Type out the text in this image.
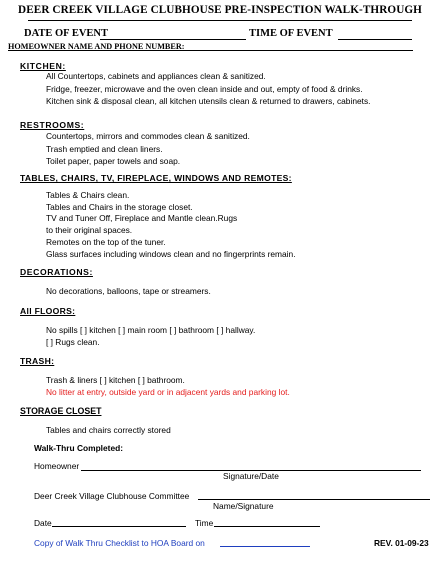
DEER CREEK VILLAGE CLUBHOUSE PRE-INSPECTION WALK-THROUGH
DATE OF EVENT	TIME OF EVENT
HOMEOWNER NAME AND PHONE NUMBER:
KITCHEN:
All Countertops, cabinets and appliances clean & sanitized.
Fridge, freezer, microwave and the oven clean inside and out, empty of food & drinks.
Kitchen sink & disposal clean, all kitchen utensils clean & returned to drawers, cabinets.
RESTROOMS:
Countertops, mirrors and commodes clean & sanitized.
Trash emptied and clean liners.
Toilet paper, paper towels and soap.
TABLES, CHAIRS, TV, FIREPLACE, WINDOWS AND REMOTES:
Tables & Chairs clean.
Tables and Chairs in the storage closet.
TV and Tuner Off, Fireplace and Mantle clean.Rugs
to their original spaces.
Remotes on the top of the tuner.
Glass surfaces including windows clean and no fingerprints remain.
DECORATIONS:
No decorations, balloons, tape or streamers.
All FLOORS:
No spills [ ] kitchen [ ] main room [ ] bathroom [ ] hallway.
[ ] Rugs clean.
TRASH:
Trash & liners [ ] kitchen [ ] bathroom.
No litter at entry, outside yard or in adjacent yards and parking lot.
STORAGE CLOSET
Tables and chairs correctly stored
Walk-Thru Completed:
Homeowner
Signature/Date
Deer Creek Village Clubhouse Committee
Name/Signature
Date	Time
Copy of Walk Thru Checklist to HOA Board on	REV. 01-09-23
